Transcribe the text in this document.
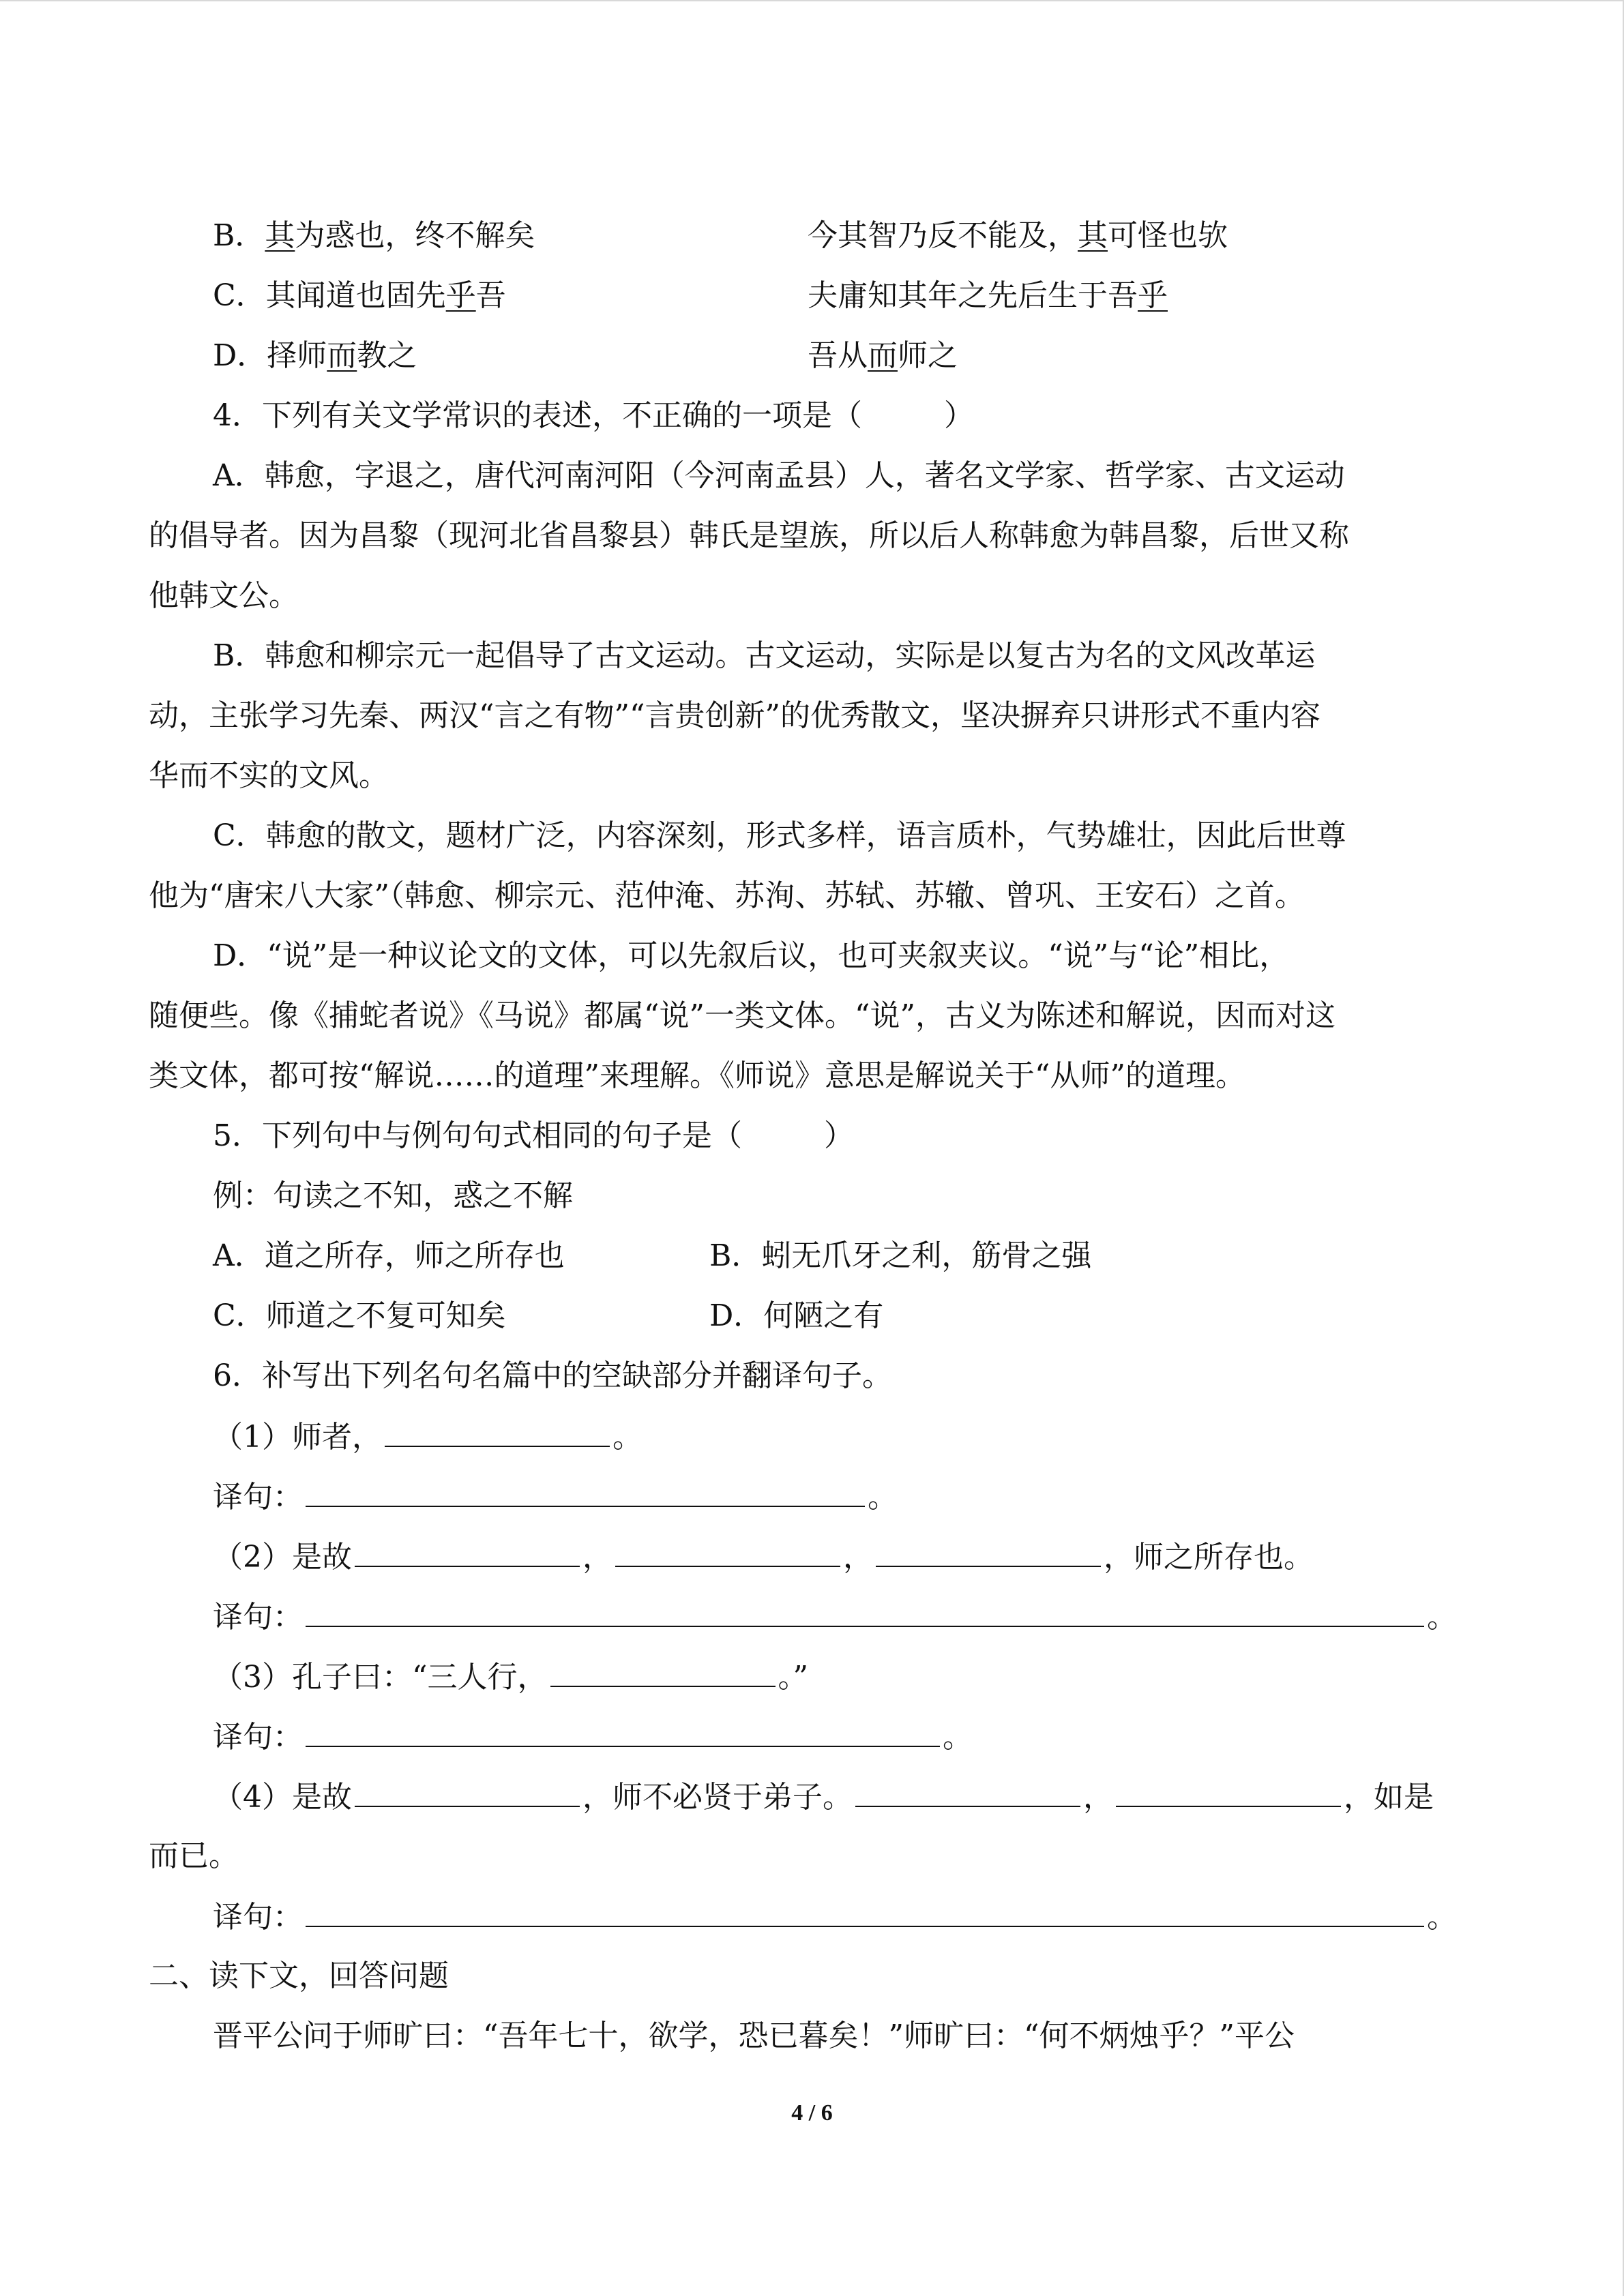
B．其为惑也，终不解矣	今其智乃反不能及，其可怪也欤
C．其闻道也固先乎吾	夫庸知其年之先后生于吾乎
D．择师而教之	吾从而师之
4．下列有关文学常识的表述，不正确的一项是（	）
A．韩愈，字退之，唐代河南河阳（今河南孟县）人，著名文学家、哲学家、古文运动
的倡导者。因为昌黎（现河北省昌黎县）韩氏是望族，所以后人称韩愈为韩昌黎，后世又称
他韩文公。
B．韩愈和柳宗元一起倡导了古文运动。古文运动，实际是以复古为名的文风改革运
动，主张学习先秦、两汉“言之有物”“言贵创新”的优秀散文，坚决摒弃只讲形式不重内容
华而不实的文风。
C．韩愈的散文，题材广泛，内容深刻，形式多样，语言质朴，气势雄壮，因此后世尊
他为“唐宋八大家”（韩愈、柳宗元、范仲淹、苏洵、苏轼、苏辙、曾巩、王安石）之首。
D．“说”是一种议论文的文体，可以先叙后议，也可夹叙夹议。“说”与“论”相比，
随便些。像《捕蛇者说》《马说》都属“说”一类文体。“说”，古义为陈述和解说，因而对这
类文体，都可按“解说……的道理”来理解。《师说》意思是解说关于“从师”的道理。
5．下列句中与例句句式相同的句子是（	）
例：句读之不知，惑之不解
A．道之所存，师之所存也	B．蚓无爪牙之利，筋骨之强
C．师道之不复可知矣	D．何陋之有
6．补写出下列名句名篇中的空缺部分并翻译句子。
（1）师者，	。
译句：	。
（2）是故	，	，	，师之所存也。
译句：	。
（3）孔子曰：“三人行，	。”
译句：	。
（4）是故	，师不必贤于弟子。	，	，如是
而已。
译句：	。
二、读下文，回答问题
晋平公问于师旷曰：“吾年七十，欲学，恐已暮矣！”师旷曰：“何不炳烛乎？”平公
4 / 6
